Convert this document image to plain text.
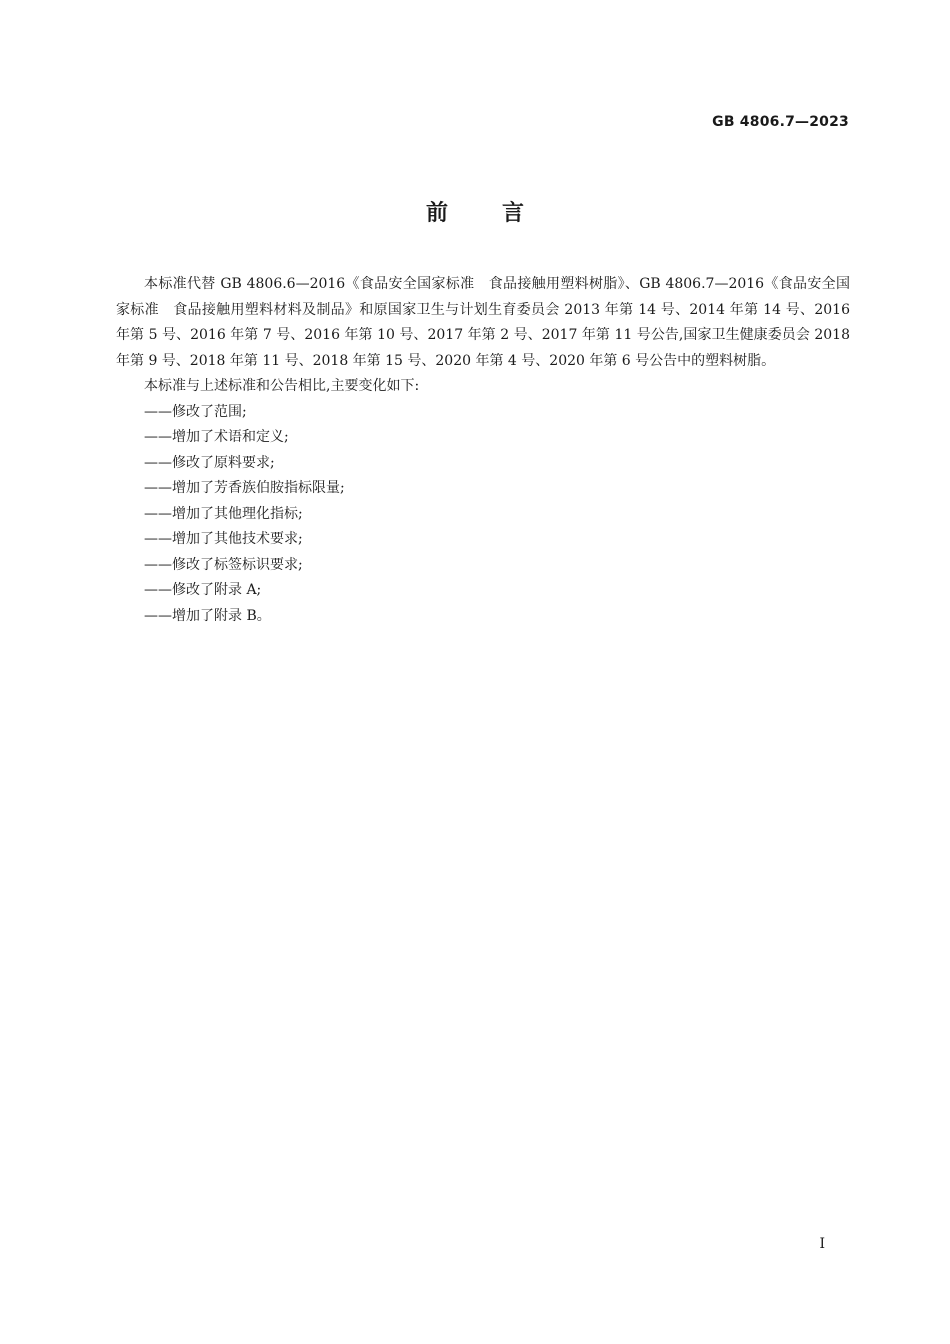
GB 4806.7—2023
前言

本标准代替 GB 4806.6—2016《食品安全国家标准　食品接触用塑料树脂》、GB 4806.7—2016《食品安全国家标准　食品接触用塑料材料及制品》和原国家卫生与计划生育委员会 2013 年第 14 号、2014 年第 14 号、2016 年第 5 号、2016 年第 7 号、2016 年第 10 号、2017 年第 2 号、2017 年第 11 号公告,国家卫生健康委员会 2018 年第 9 号、2018 年第 11 号、2018 年第 15 号、2020 年第 4 号、2020 年第 6 号公告中的塑料树脂。

本标准与上述标准和公告相比,主要变化如下:

——修改了范围;
——增加了术语和定义;
——修改了原料要求;
——增加了芳香族伯胺指标限量;
——增加了其他理化指标;
——增加了其他技术要求;
——修改了标签标识要求;
——修改了附录 A;
——增加了附录 B。
I
